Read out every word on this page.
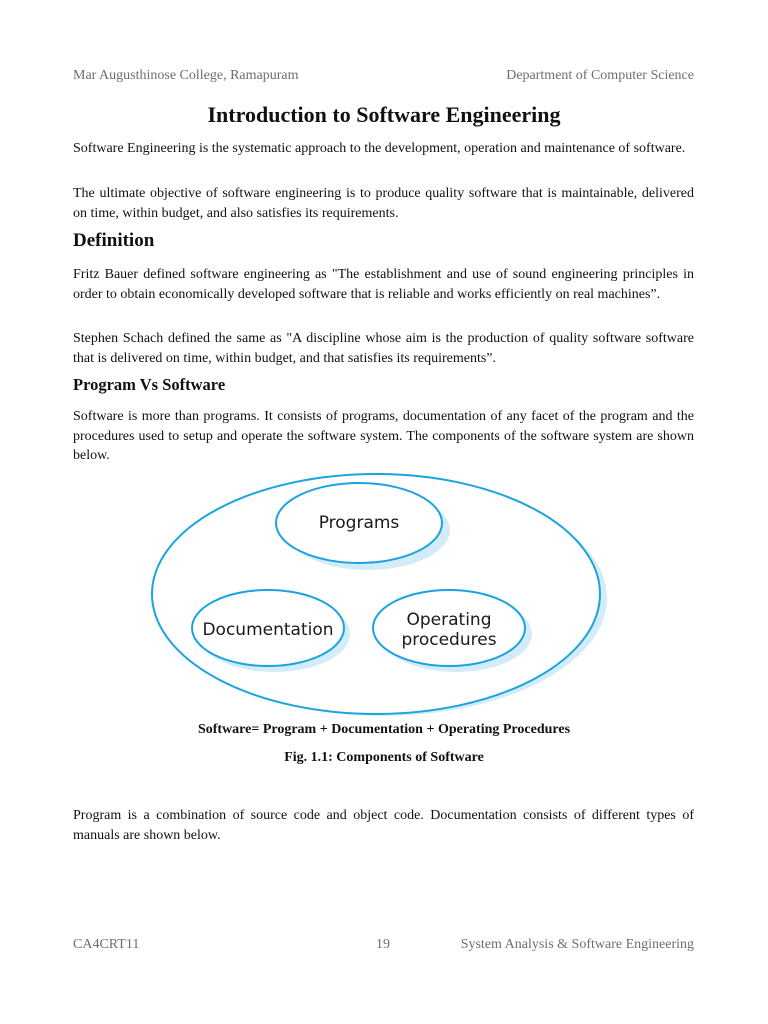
Mar Augusthinose College, Ramapuram	Department of Computer Science
Introduction to Software Engineering

Software Engineering is the systematic approach to the development, operation and maintenance of software.

The ultimate objective of software engineering is to produce quality software that is maintainable, delivered on time, within budget, and also satisfies its requirements.

Definition

Fritz Bauer defined software engineering as "The establishment and use of sound engineering principles in order to obtain economically developed software that is reliable and works efficiently on real machines”.

Stephen Schach defined the same as "A discipline whose aim is the production of quality software software that is delivered on time, within budget, and that satisfies its requirements”.

Program Vs Software

Software is more than programs. It consists of programs, documentation of any facet of the program and the procedures used to setup and operate the software system. The components of the software system are shown below.

Programs
Documentation	Operating
procedures

Software= Program + Documentation + Operating Procedures

Fig. 1.1: Components of Software

Program is a combination of source code and object code. Documentation consists of different types of manuals are shown below.

CA4CRT11	19	System Analysis & Software Engineering
